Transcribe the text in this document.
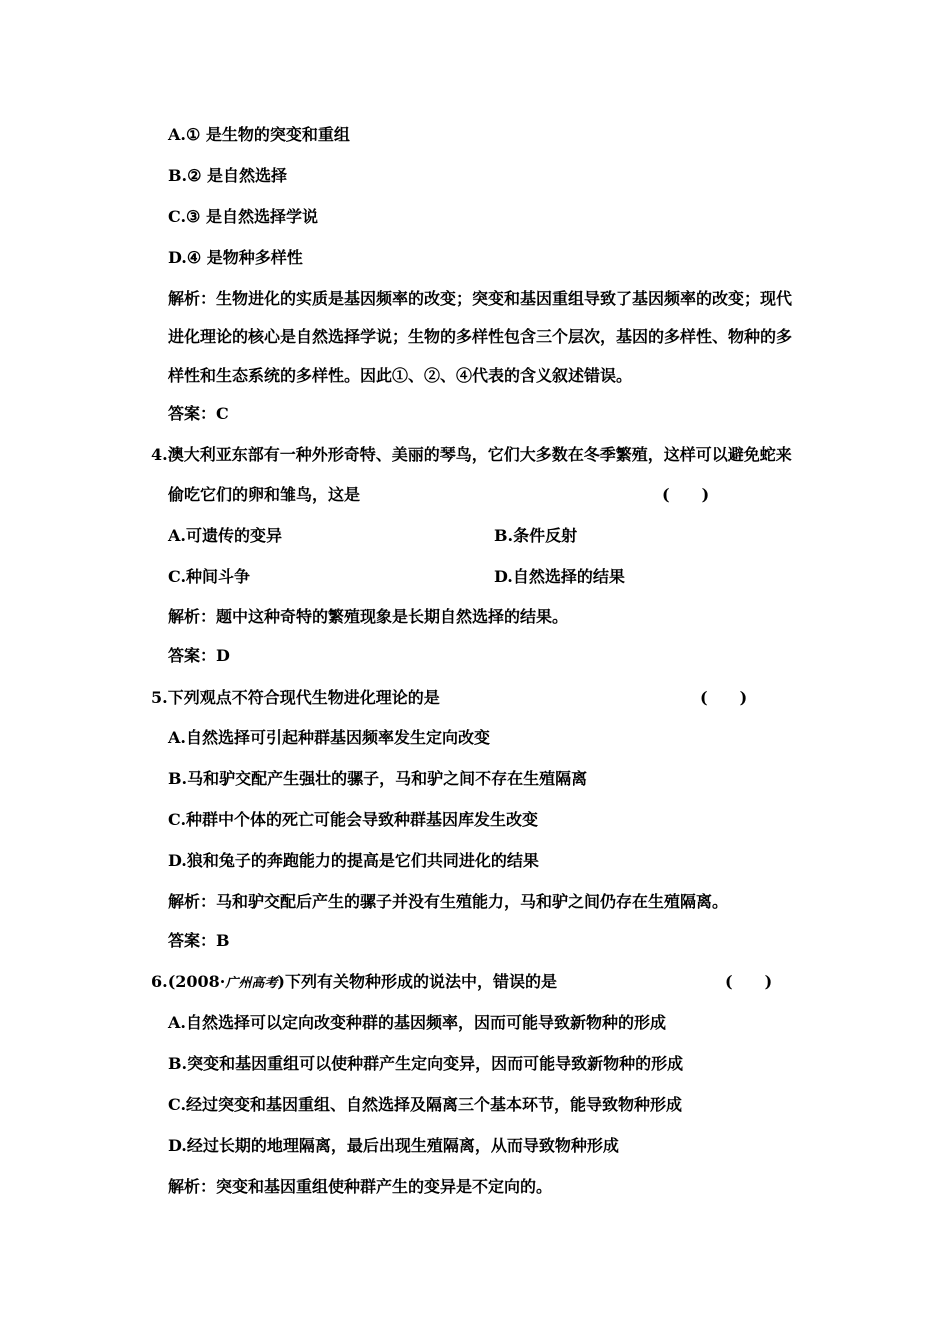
A.① 是生物的突变和重组
B.② 是自然选择
C.③ 是自然选择学说
D.④ 是物种多样性
解析：生物进化的实质是基因频率的改变；突变和基因重组导致了基因频率的改变；现代
进化理论的核心是自然选择学说；生物的多样性包含三个层次，基因的多样性、物种的多
样性和生态系统的多样性。因此①、②、④代表的含义叙述错误。
答案：C
4.澳大利亚东部有一种外形奇特、美丽的琴鸟，它们大多数在冬季繁殖，这样可以避免蛇来
偷吃它们的卵和雏鸟，这是	(　　)
A.可遗传的变异	B.条件反射
C.种间斗争	D.自然选择的结果
解析：题中这种奇特的繁殖现象是长期自然选择的结果。
答案：D
5.下列观点不符合现代生物进化理论的是	(　　)
A.自然选择可引起种群基因频率发生定向改变
B.马和驴交配产生强壮的骡子，马和驴之间不存在生殖隔离
C.种群中个体的死亡可能会导致种群基因库发生改变
D.狼和兔子的奔跑能力的提高是它们共同进化的结果
解析：马和驴交配后产生的骡子并没有生殖能力，马和驴之间仍存在生殖隔离。
答案：B
6.(2008·广州高考)下列有关物种形成的说法中，错误的是	(　　)
A.自然选择可以定向改变种群的基因频率，因而可能导致新物种的形成
B.突变和基因重组可以使种群产生定向变异，因而可能导致新物种的形成
C.经过突变和基因重组、自然选择及隔离三个基本环节，能导致物种形成
D.经过长期的地理隔离，最后出现生殖隔离，从而导致物种形成
解析：突变和基因重组使种群产生的变异是不定向的。
